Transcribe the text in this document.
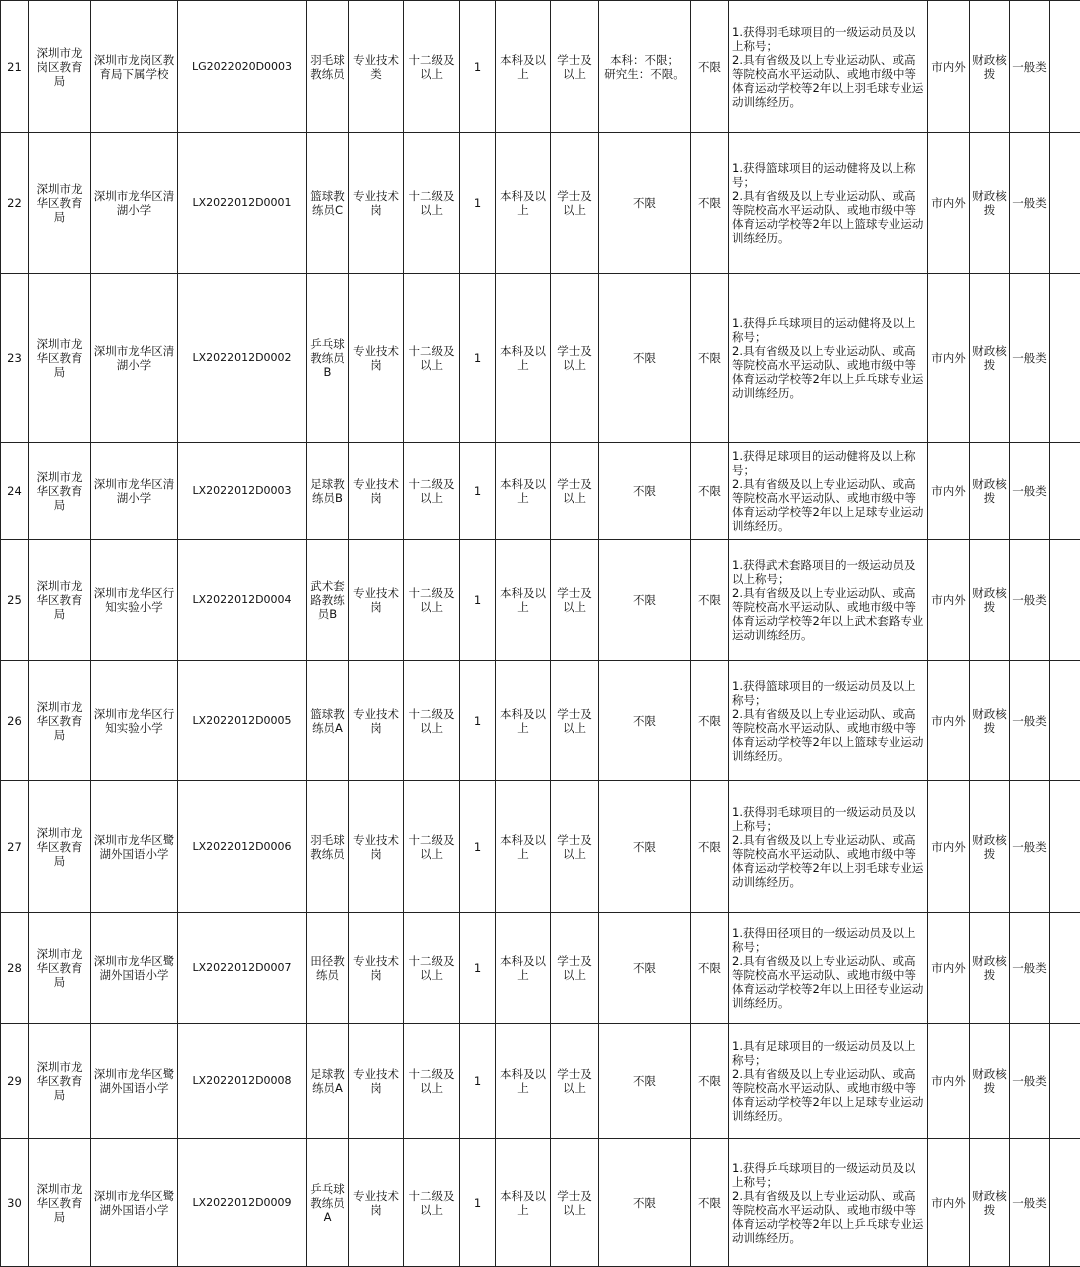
21	深圳市龙岗区教育局	深圳市龙岗区教育局下属学校	LG2022020D0003	羽毛球教练员	专业技术类	十二级及以上	1	本科及以上	学士及以上	本科：不限；
研究生：不限。	不限	1.获得羽毛球项目的一级运动员及以上称号；
2.具有省级及以上专业运动队、或高等院校高水平运动队、或地市级中等体育运动学校等2年以上羽毛球专业运动训练经历。	市内外	财政核拨	一般类	
22	深圳市龙华区教育局	深圳市龙华区清湖小学	LX2022012D0001	篮球教练员C	专业技术岗	十二级及以上	1	本科及以上	学士及以上	不限	不限	1.获得篮球项目的运动健将及以上称号；
2.具有省级及以上专业运动队、或高等院校高水平运动队、或地市级中等体育运动学校等2年以上篮球专业运动训练经历。	市内外	财政核拨	一般类	
23	深圳市龙华区教育局	深圳市龙华区清湖小学	LX2022012D0002	乒乓球教练员B	专业技术岗	十二级及以上	1	本科及以上	学士及以上	不限	不限	1.获得乒乓球项目的运动健将及以上称号；
2.具有省级及以上专业运动队、或高等院校高水平运动队、或地市级中等体育运动学校等2年以上乒乓球专业运动训练经历。	市内外	财政核拨	一般类	
24	深圳市龙华区教育局	深圳市龙华区清湖小学	LX2022012D0003	足球教练员B	专业技术岗	十二级及以上	1	本科及以上	学士及以上	不限	不限	1.获得足球项目的运动健将及以上称号；
2.具有省级及以上专业运动队、或高等院校高水平运动队、或地市级中等体育运动学校等2年以上足球专业运动训练经历。	市内外	财政核拨	一般类	
25	深圳市龙华区教育局	深圳市龙华区行知实验小学	LX2022012D0004	武术套路教练员B	专业技术岗	十二级及以上	1	本科及以上	学士及以上	不限	不限	1.获得武术套路项目的一级运动员及以上称号；
2.具有省级及以上专业运动队、或高等院校高水平运动队、或地市级中等体育运动学校等2年以上武术套路专业运动训练经历。	市内外	财政核拨	一般类	
26	深圳市龙华区教育局	深圳市龙华区行知实验小学	LX2022012D0005	篮球教练员A	专业技术岗	十二级及以上	1	本科及以上	学士及以上	不限	不限	1.获得篮球项目的一级运动员及以上称号；
2.具有省级及以上专业运动队、或高等院校高水平运动队、或地市级中等体育运动学校等2年以上篮球专业运动训练经历。	市内外	财政核拨	一般类	
27	深圳市龙华区教育局	深圳市龙华区鹭湖外国语小学	LX2022012D0006	羽毛球教练员	专业技术岗	十二级及以上	1	本科及以上	学士及以上	不限	不限	1.获得羽毛球项目的一级运动员及以上称号；
2.具有省级及以上专业运动队、或高等院校高水平运动队、或地市级中等体育运动学校等2年以上羽毛球专业运动训练经历。	市内外	财政核拨	一般类	
28	深圳市龙华区教育局	深圳市龙华区鹭湖外国语小学	LX2022012D0007	田径教练员	专业技术岗	十二级及以上	1	本科及以上	学士及以上	不限	不限	1.获得田径项目的一级运动员及以上称号；
2.具有省级及以上专业运动队、或高等院校高水平运动队、或地市级中等体育运动学校等2年以上田径专业运动训练经历。	市内外	财政核拨	一般类	
29	深圳市龙华区教育局	深圳市龙华区鹭湖外国语小学	LX2022012D0008	足球教练员A	专业技术岗	十二级及以上	1	本科及以上	学士及以上	不限	不限	1.具有足球项目的一级运动员及以上称号；
2.具有省级及以上专业运动队、或高等院校高水平运动队、或地市级中等体育运动学校等2年以上足球专业运动训练经历。	市内外	财政核拨	一般类	
30	深圳市龙华区教育局	深圳市龙华区鹭湖外国语小学	LX2022012D0009	乒乓球教练员A	专业技术岗	十二级及以上	1	本科及以上	学士及以上	不限	不限	1.获得乒乓球项目的一级运动员及以上称号；
2.具有省级及以上专业运动队、或高等院校高水平运动队、或地市级中等体育运动学校等2年以上乒乓球专业运动训练经历。	市内外	财政核拨	一般类	
